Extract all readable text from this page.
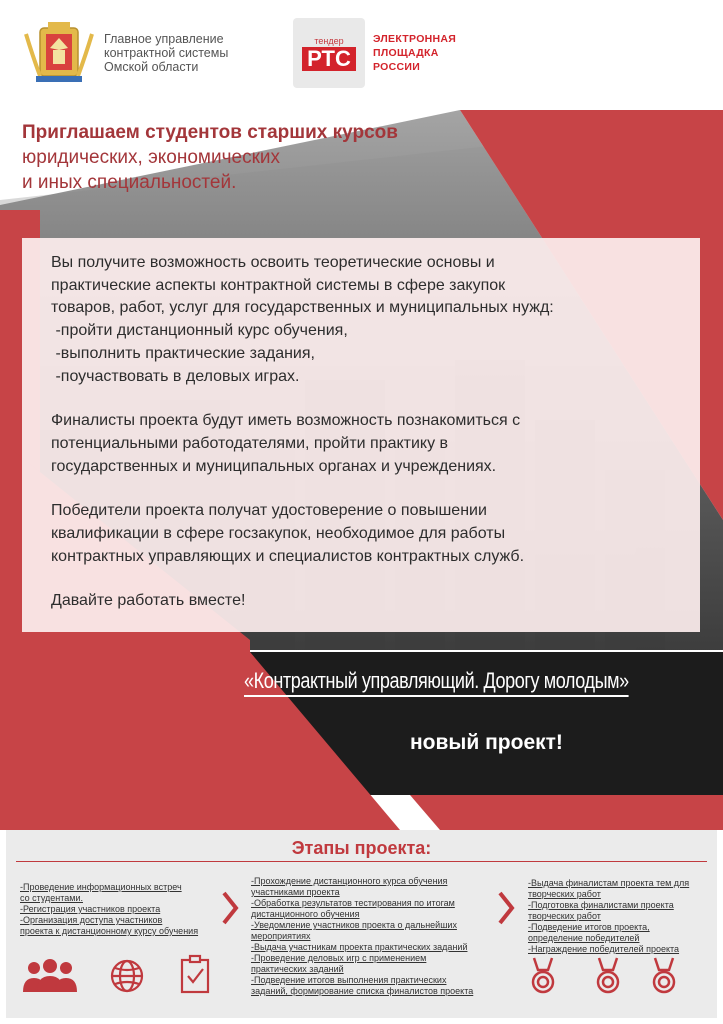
Главное управление
контрактной системы
Омской области
тендер
РТС
ЭЛЕКТРОННАЯ
ПЛОЩАДКА
РОССИИ
Приглашаем студентов старших курсов
юридических, экономических
и иных специальностей.
Вы получите возможность освоить теоретические основы и
практические аспекты контрактной системы в сфере закупок
товаров, работ, услуг для государственных и муниципальных нужд:
-пройти дистанционный курс обучения,
-выполнить практические задания,
-поучаствовать в деловых играх.
Финалисты проекта будут иметь возможность познакомиться с
потенциальными работодателями, пройти практику в
государственных и муниципальных органах и учреждениях.
Победители проекта получат удостоверение о повышении
квалификации в сфере госзакупок, необходимое для работы
контрактных управляющих и специалистов контрактных служб.
Давайте работать вместе!
«Контрактный управляющий. Дорогу молодым»
новый проект!
Этапы проекта:
-Проведение информационных встреч
со студентами.
-Регистрация участников проекта
-Организация доступа участников
проекта к дистанционному курсу обучения
-Прохождение дистанционного курса обучения
участниками проекта
-Обработка результатов тестирования по итогам
дистанционного обучения
-Уведомление участников проекта о дальнейших
мероприятиях
-Выдача участникам проекта практических заданий
-Проведение деловых игр с применением
практических заданий
-Подведение итогов выполнения практических
заданий, формирование списка финалистов проекта
-Выдача финалистам проекта тем для
творческих работ
-Подготовка финалистами проекта
творческих работ
-Подведение итогов проекта,
определение победителей
-Награждение победителей проекта
